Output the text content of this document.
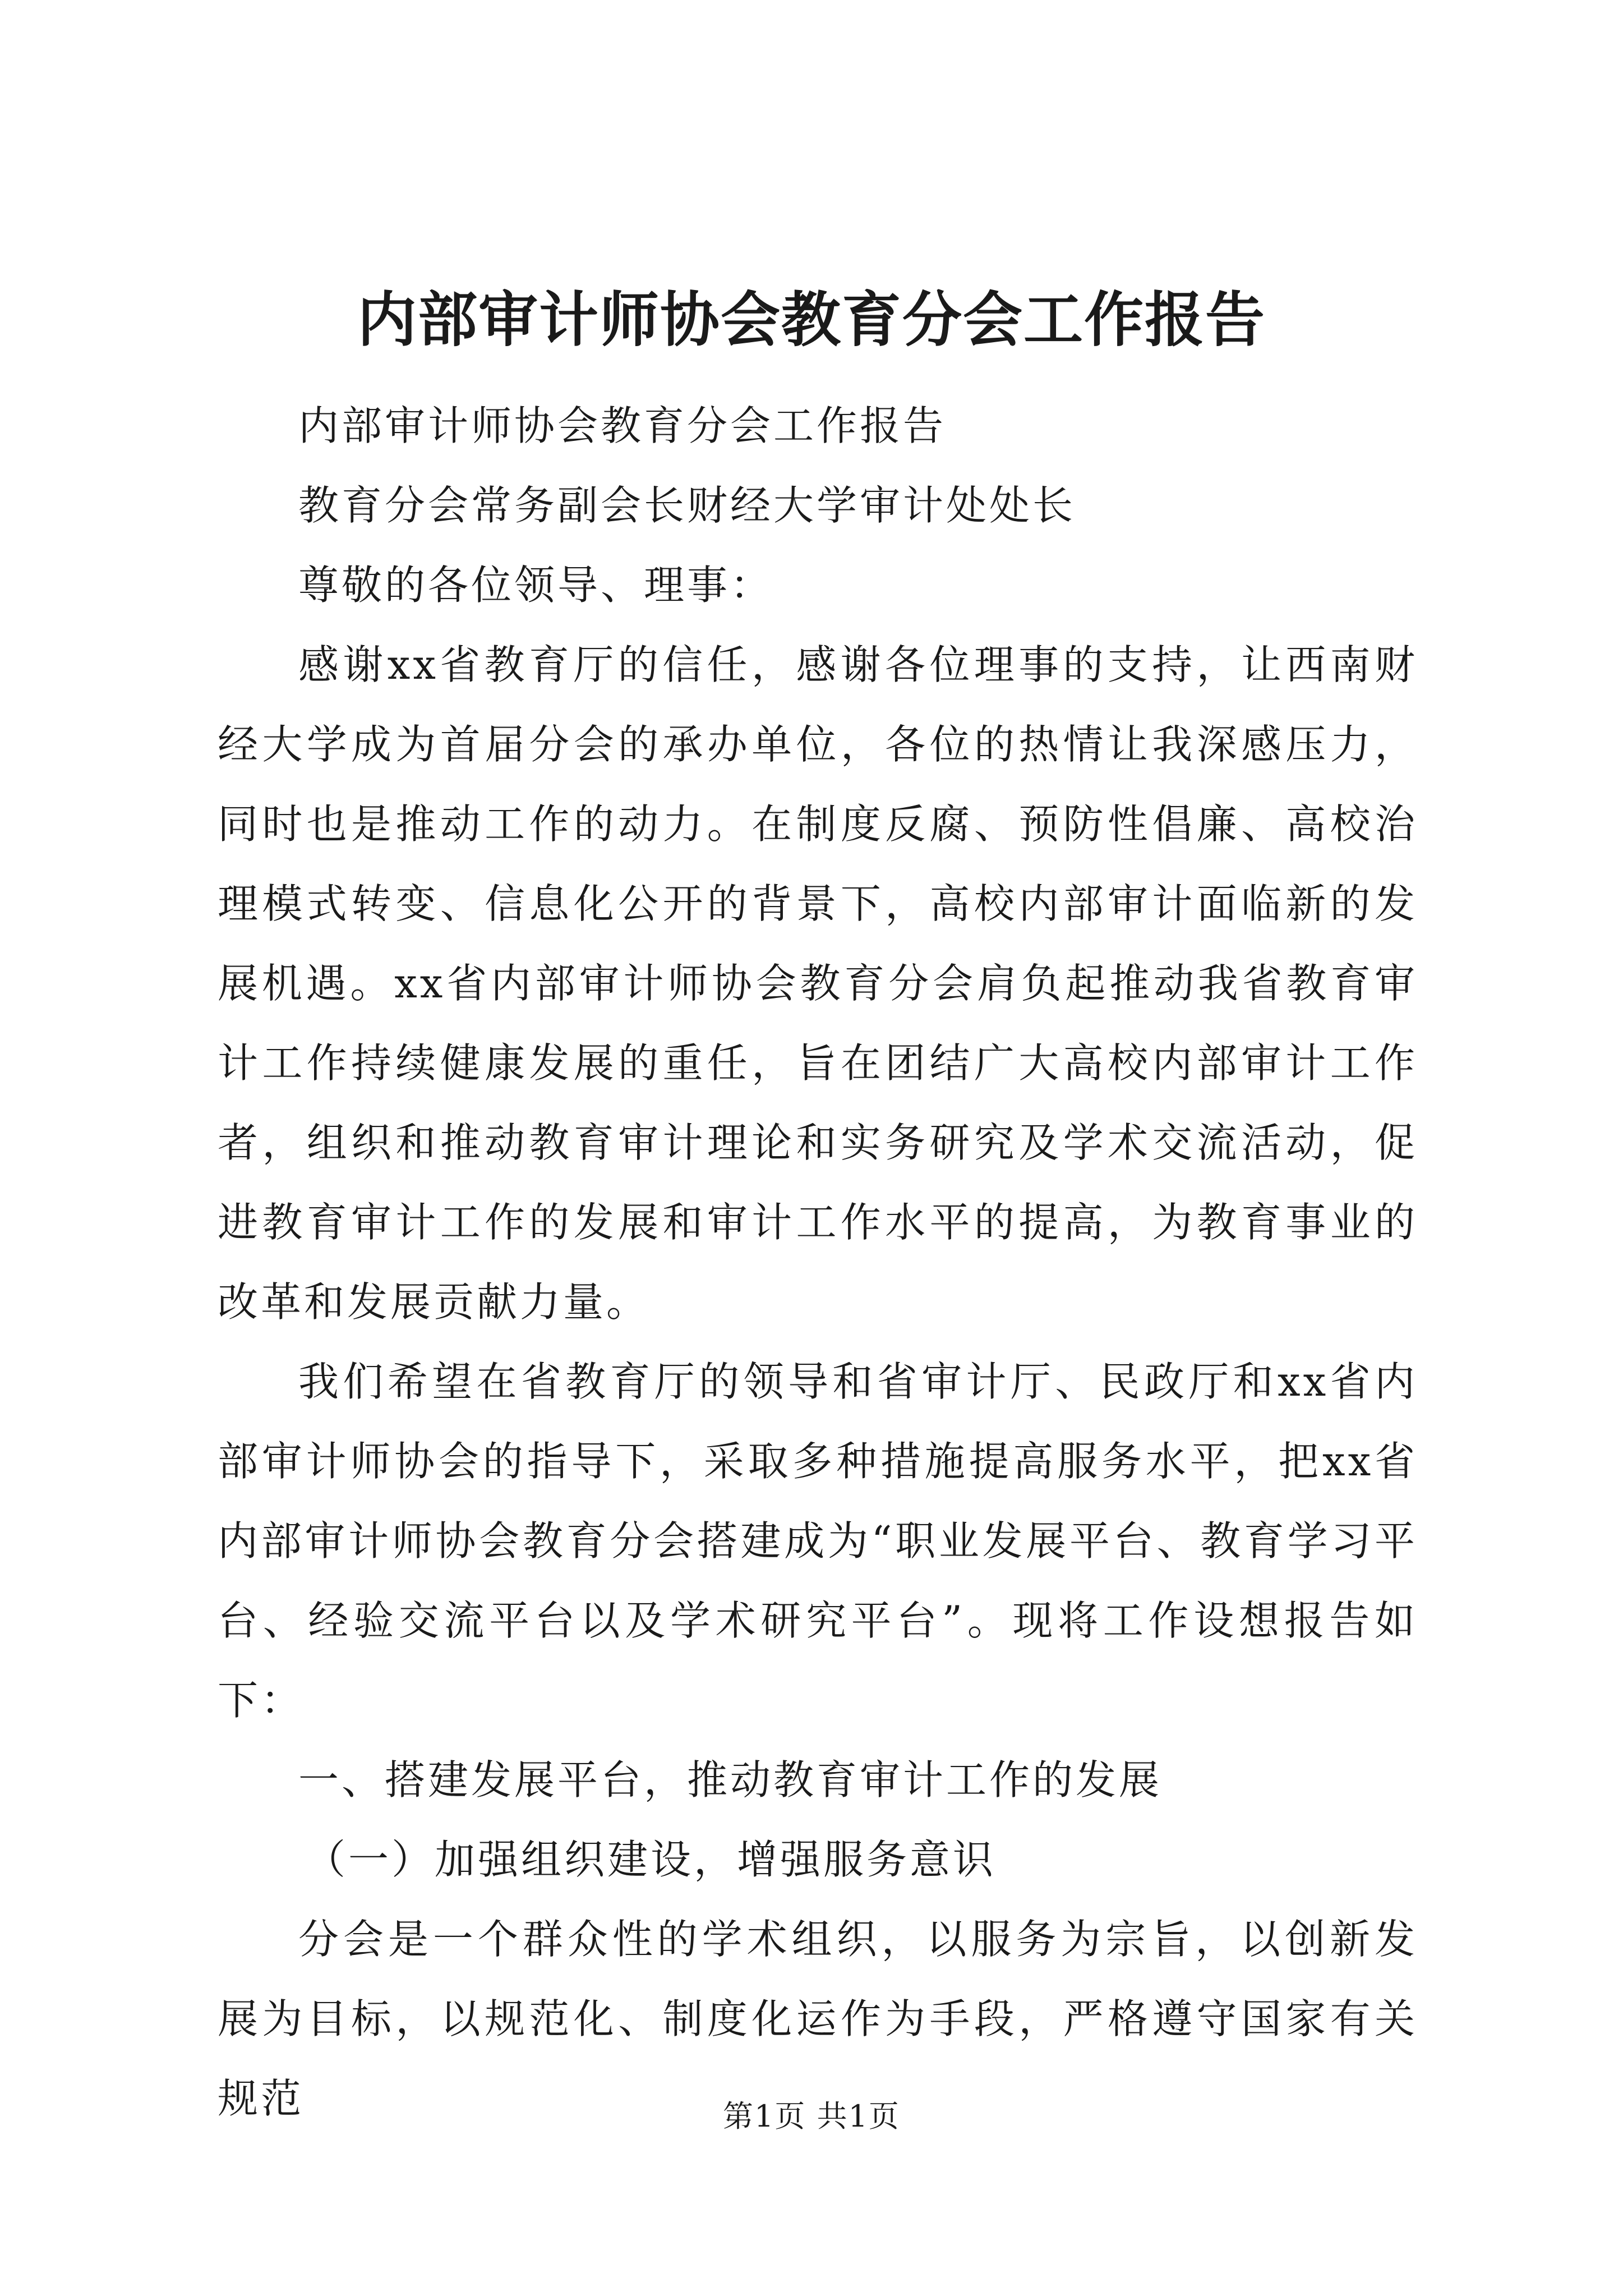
内部审计师协会教育分会工作报告

内部审计师协会教育分会工作报告

教育分会常务副会长财经大学审计处处长

尊敬的各位领导、理事：

感谢xx省教育厅的信任，感谢各位理事的支持，让西南财经大学成为首届分会的承办单位，各位的热情让我深感压力，同时也是推动工作的动力。在制度反腐、预防性倡廉、高校治理模式转变、信息化公开的背景下，高校内部审计面临新的发展机遇。xx省内部审计师协会教育分会肩负起推动我省教育审计工作持续健康发展的重任，旨在团结广大高校内部审计工作者，组织和推动教育审计理论和实务研究及学术交流活动，促进教育审计工作的发展和审计工作水平的提高，为教育事业的改革和发展贡献力量。

我们希望在省教育厅的领导和省审计厅、民政厅和xx省内部审计师协会的指导下，采取多种措施提高服务水平，把xx省内部审计师协会教育分会搭建成为“职业发展平台、教育学习平台、经验交流平台以及学术研究平台”。现将工作设想报告如下：

一、搭建发展平台，推动教育审计工作的发展

（一）加强组织建设，增强服务意识

分会是一个群众性的学术组织，以服务为宗旨，以创新发展为目标，以规范化、制度化运作为手段，严格遵守国家有关规范	第1页 共1页
